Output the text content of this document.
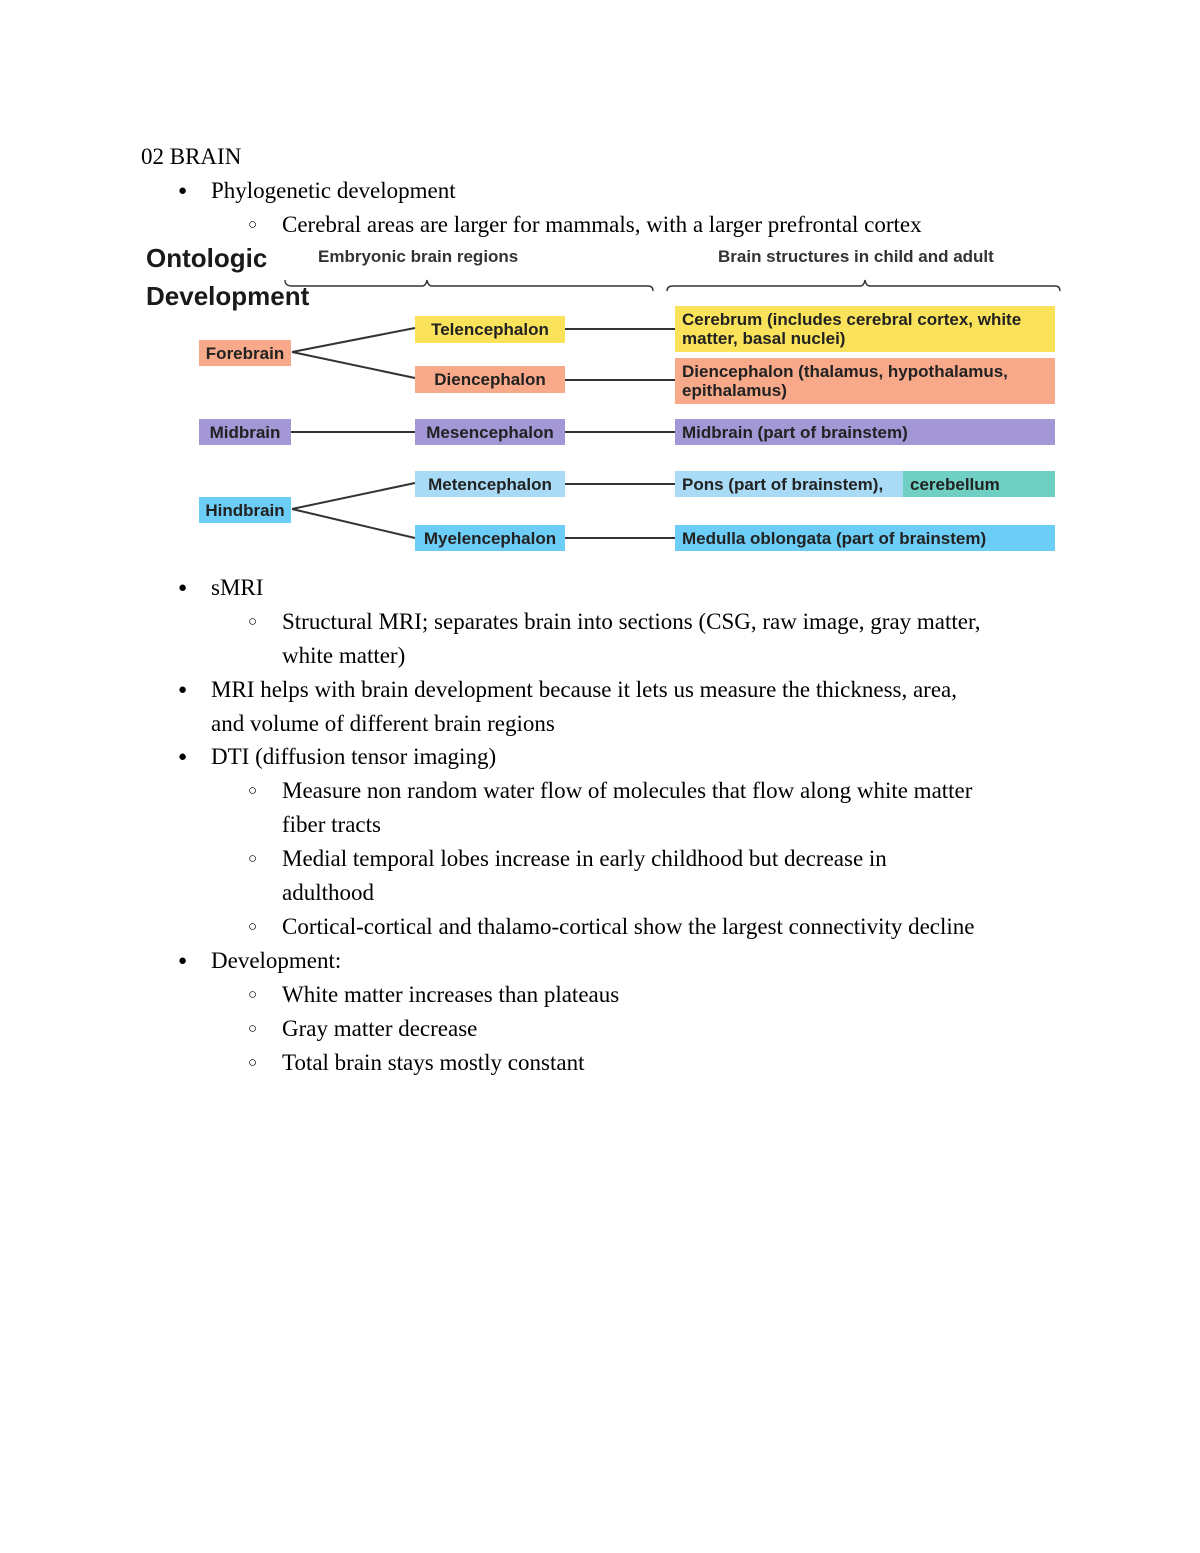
02 BRAIN
● Phylogenetic development
○ Cerebral areas are larger for mammals, with a larger prefrontal cortex
Ontologic
Development
Embryonic brain regions	Brain structures in child and adult
Forebrain
Midbrain
Hindbrain
Telencephalon
Diencephalon
Mesencephalon
Metencephalon
Myelencephalon
Cerebrum (includes cerebral cortex, white matter, basal nuclei)
Diencephalon (thalamus, hypothalamus, epithalamus)
Midbrain (part of brainstem)
Pons (part of brainstem),	cerebellum
Medulla oblongata (part of brainstem)
● sMRI
○ Structural MRI; separates brain into sections (CSG, raw image, gray matter,
white matter)
● MRI helps with brain development because it lets us measure the thickness, area,
and volume of different brain regions
● DTI (diffusion tensor imaging)
○ Measure non random water flow of molecules that flow along white matter
fiber tracts
○ Medial temporal lobes increase in early childhood but decrease in
adulthood
○ Cortical-cortical and thalamo-cortical show the largest connectivity decline
● Development:
○ White matter increases than plateaus
○ Gray matter decrease
○ Total brain stays mostly constant
